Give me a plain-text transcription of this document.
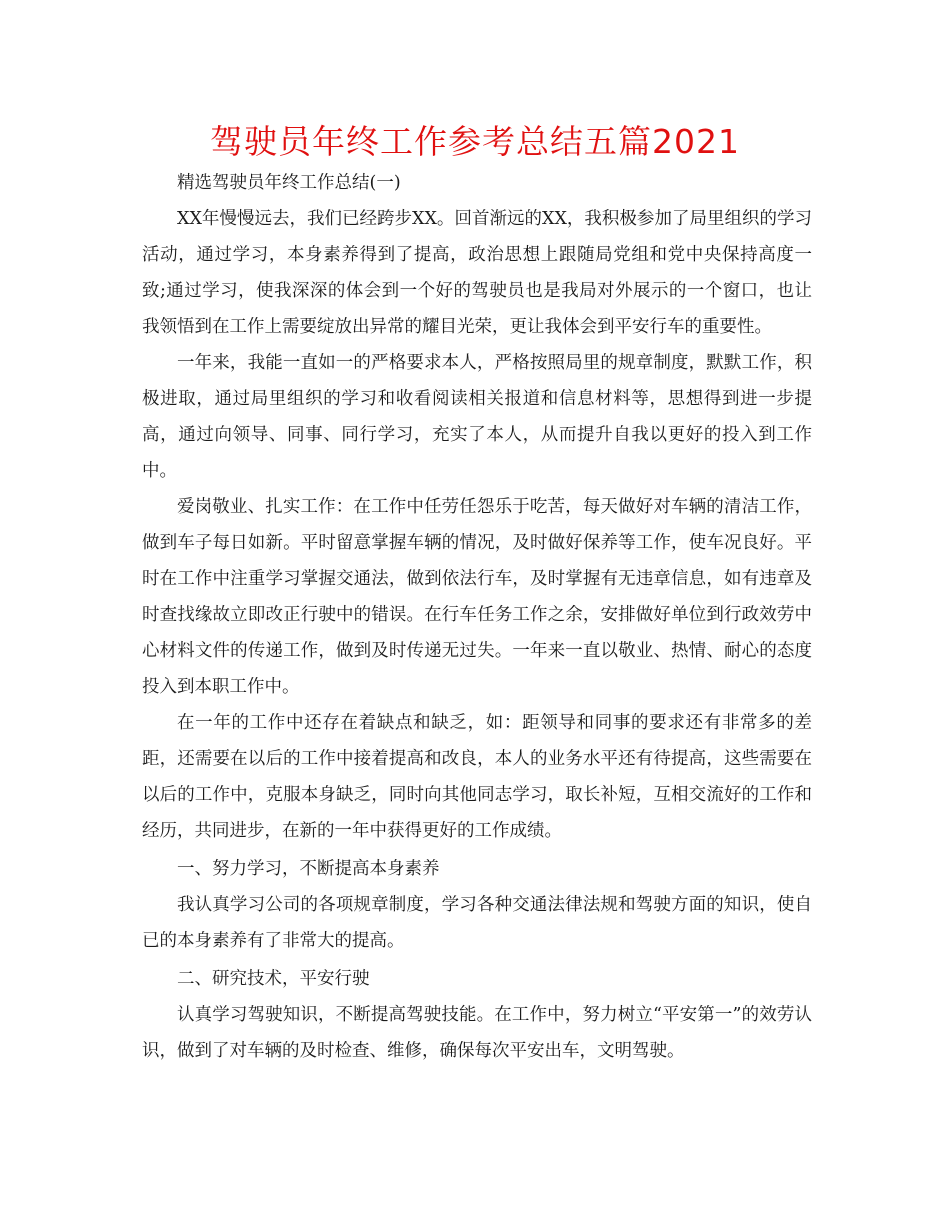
驾驶员年终工作参考总结五篇2021

精选驾驶员年终工作总结(一)

XX年慢慢远去，我们已经跨步XX。回首渐远的XX，我积极参加了局里组织的学习活动，通过学习，本身素养得到了提高，政治思想上跟随局党组和党中央保持高度一致;通过学习，使我深深的体会到一个好的驾驶员也是我局对外展示的一个窗口，也让我领悟到在工作上需要绽放出异常的耀目光荣，更让我体会到平安行车的重要性。

一年来，我能一直如一的严格要求本人，严格按照局里的规章制度，默默工作，积极进取，通过局里组织的学习和收看阅读相关报道和信息材料等，思想得到进一步提高，通过向领导、同事、同行学习，充实了本人，从而提升自我以更好的投入到工作中。

爱岗敬业、扎实工作：在工作中任劳任怨乐于吃苦，每天做好对车辆的清洁工作，做到车子每日如新。平时留意掌握车辆的情况，及时做好保养等工作，使车况良好。平时在工作中注重学习掌握交通法，做到依法行车，及时掌握有无违章信息，如有违章及时查找缘故立即改正行驶中的错误。在行车任务工作之余，安排做好单位到行政效劳中心材料文件的传递工作，做到及时传递无过失。一年来一直以敬业、热情、耐心的态度投入到本职工作中。

在一年的工作中还存在着缺点和缺乏，如：距领导和同事的要求还有非常多的差距，还需要在以后的工作中接着提高和改良，本人的业务水平还有待提高，这些需要在以后的工作中，克服本身缺乏，同时向其他同志学习，取长补短，互相交流好的工作和经历，共同进步，在新的一年中获得更好的工作成绩。

一、努力学习，不断提高本身素养

我认真学习公司的各项规章制度，学习各种交通法律法规和驾驶方面的知识，使自已的本身素养有了非常大的提高。

二、研究技术，平安行驶

认真学习驾驶知识，不断提高驾驶技能。在工作中，努力树立“平安第一”的效劳认识，做到了对车辆的及时检查、维修，确保每次平安出车，文明驾驶。
